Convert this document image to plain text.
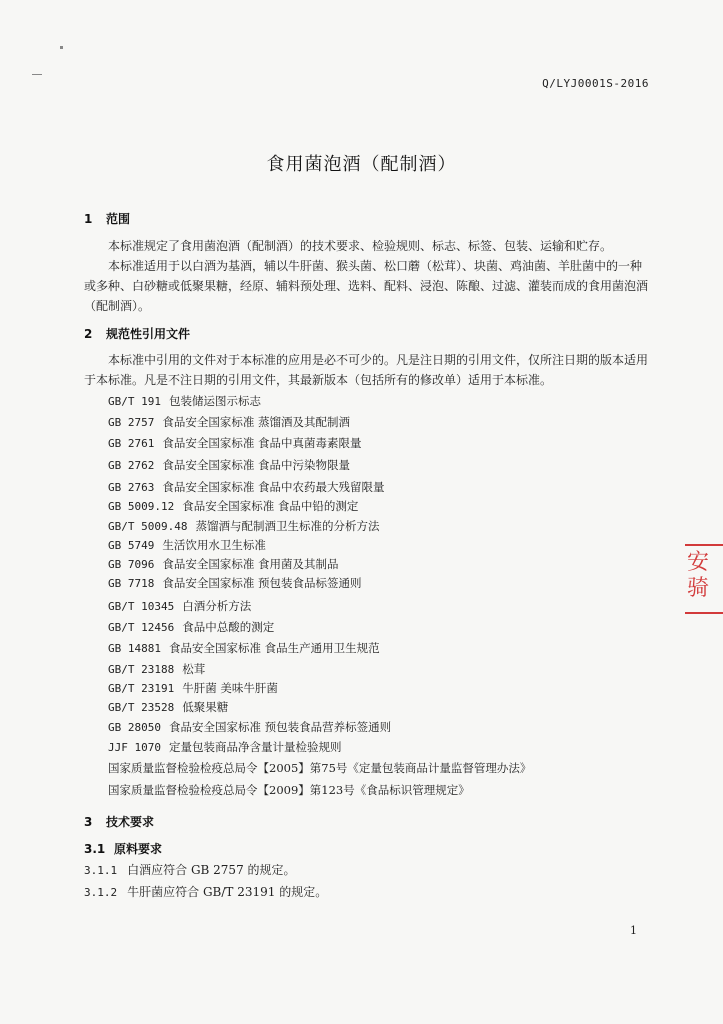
Q/LYJ0001S-2016
食用菌泡酒（配制酒）
1 范围

本标准规定了食用菌泡酒（配制酒）的技术要求、检验规则、标志、标签、包装、运输和贮存。

本标准适用于以白酒为基酒，辅以牛肝菌、猴头菌、松口蘑（松茸）、块菌、鸡油菌、羊肚菌中的一种或多种、白砂糖或低聚果糖，经原、辅料预处理、选料、配料、浸泡、陈酿、过滤、灌装而成的食用菌泡酒（配制酒）。

2 规范性引用文件

本标准中引用的文件对于本标准的应用是必不可少的。凡是注日期的引用文件，仅所注日期的版本适用于本标准。凡是不注日期的引用文件，其最新版本（包括所有的修改单）适用于本标准。

GB/T 191 包装储运图示标志
GB 2757 食品安全国家标准 蒸馏酒及其配制酒
GB 2761 食品安全国家标准 食品中真菌毒素限量
GB 2762 食品安全国家标准 食品中污染物限量
GB 2763 食品安全国家标准 食品中农药最大残留限量
GB 5009.12 食品安全国家标准 食品中铅的测定
GB/T 5009.48 蒸馏酒与配制酒卫生标准的分析方法
GB 5749 生活饮用水卫生标准
GB 7096 食品安全国家标准 食用菌及其制品
GB 7718 食品安全国家标准 预包装食品标签通则
GB/T 10345 白酒分析方法
GB/T 12456 食品中总酸的测定
GB 14881 食品安全国家标准 食品生产通用卫生规范
GB/T 23188 松茸
GB/T 23191 牛肝菌 美味牛肝菌
GB/T 23528 低聚果糖
GB 28050 食品安全国家标准 预包装食品营养标签通则
JJF 1070 定量包装商品净含量计量检验规则
国家质量监督检验检疫总局令【2005】第75号《定量包装商品计量监督管理办法》
国家质量监督检验检疫总局令【2009】第123号《食品标识管理规定》
3 技术要求
3.1 原料要求
3.1.1 白酒应符合 GB 2757 的规定。
3.1.2 牛肝菌应符合 GB/T 23191 的规定。
1
安骑
